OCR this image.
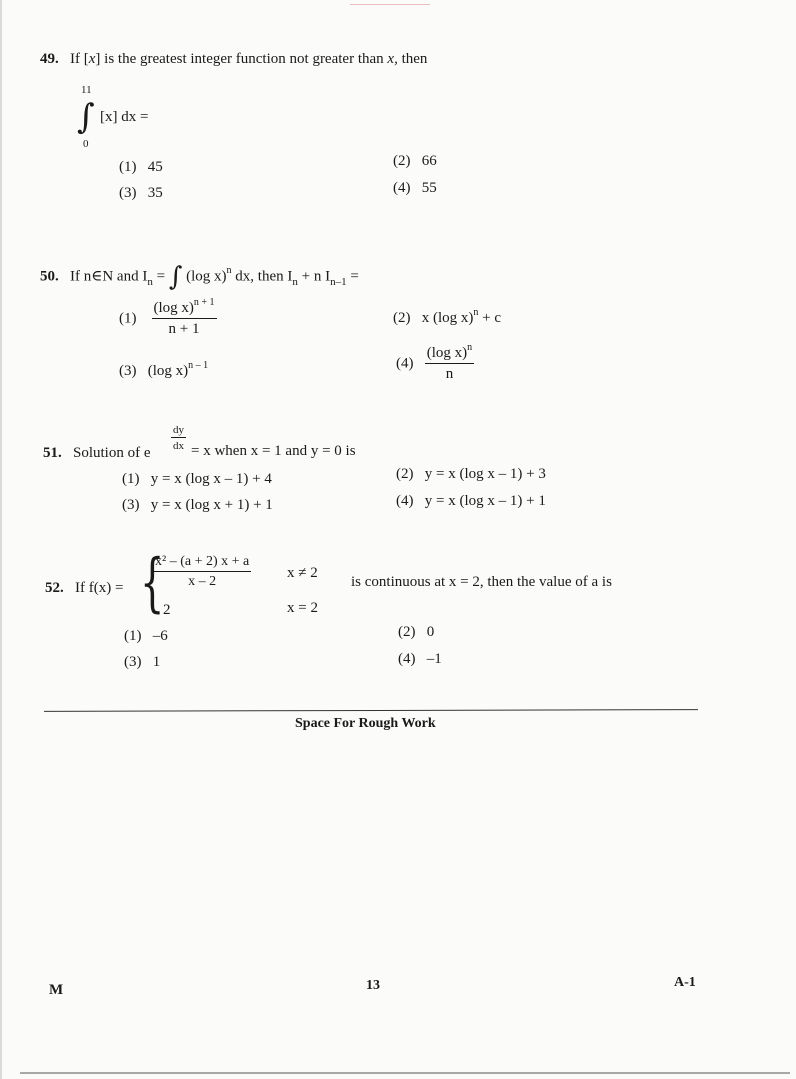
49. If [x] is the greatest integer function not greater than x, then
11
∫
0
[x] dx =
(1) 45	(2) 66
(3) 35	(4) 55
50. If n∈N and $I_n$ = ∫ (log x)$^n$ dx, then $I_n + n$ $I_{n-1}$ =
$(1) \frac{(\log x)^{n + 1}}{n + 1}$	(2) x (log x)$^n$ + c
(3) (log x)$^{n - 1}$	$(4) \frac{(\log x)^n}{n}$
51. Solution of e
$\frac{dy}{dx} = x$ when x = 1 and y = 0 is
(1) y = x (log x – 1) + 4	(2) y = x (log x – 1) + 3
(3) y = x (log x + 1) + 1	(4) y = x (log x – 1) + 1
52. If f(x) = {
$\frac{\text{x² – (a + 2) x + a}}{x - 2}$ x ≠ 2
2	x = 2
is continuous at x = 2, then the value of a is
(1) –6	(2) 0
(3) 1	(4) –1
Space For Rough Work
M	13	A-1
